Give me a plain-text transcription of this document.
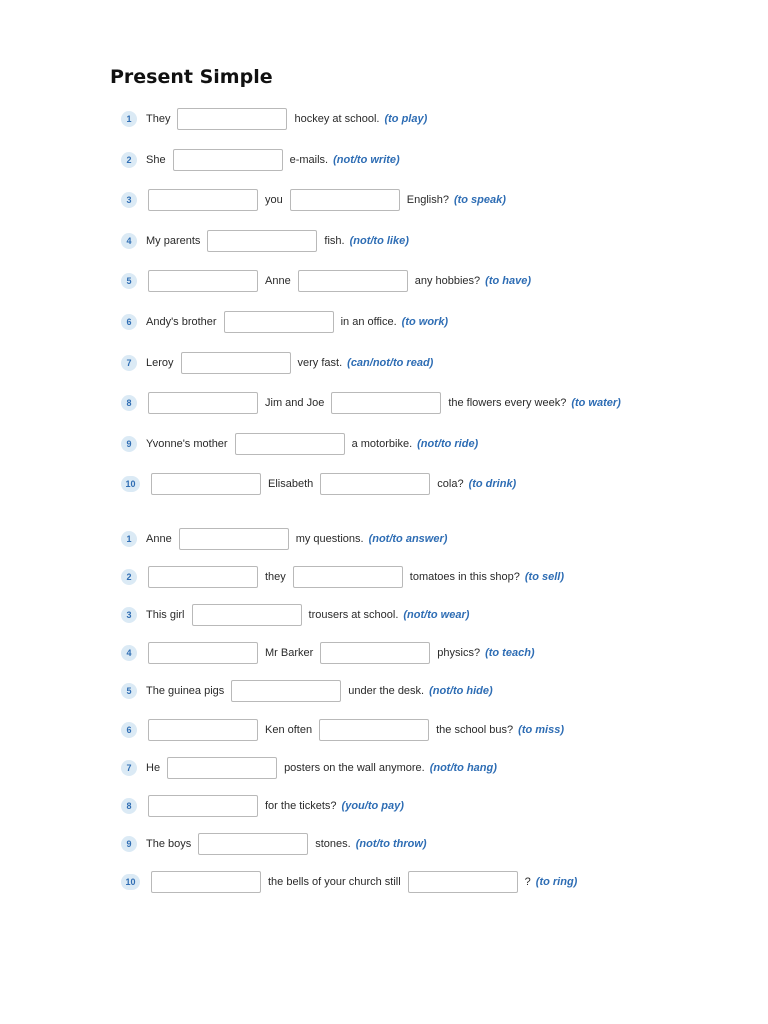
Present Simple
1	They	hockey at school. (to play)
2	She	e-mails. (not/to write)
3	you	English? (to speak)
4	My parents	fish. (not/to like)
5	Anne	any hobbies? (to have)
6	Andy's brother	in an office. (to work)
7	Leroy	very fast. (can/not/to read)
8	Jim and Joe	the flowers every week? (to water)
9	Yvonne's mother	a motorbike. (not/to ride)
10	Elisabeth	cola? (to drink)
1	Anne	my questions. (not/to answer)
2	they	tomatoes in this shop? (to sell)
3	This girl	trousers at school. (not/to wear)
4	Mr Barker	physics? (to teach)
5	The guinea pigs	under the desk. (not/to hide)
6	Ken often	the school bus? (to miss)
7	He	posters on the wall anymore. (not/to hang)
8	for the tickets? (you/to pay)
9	The boys	stones. (not/to throw)
10	the bells of your church still	? (to ring)
